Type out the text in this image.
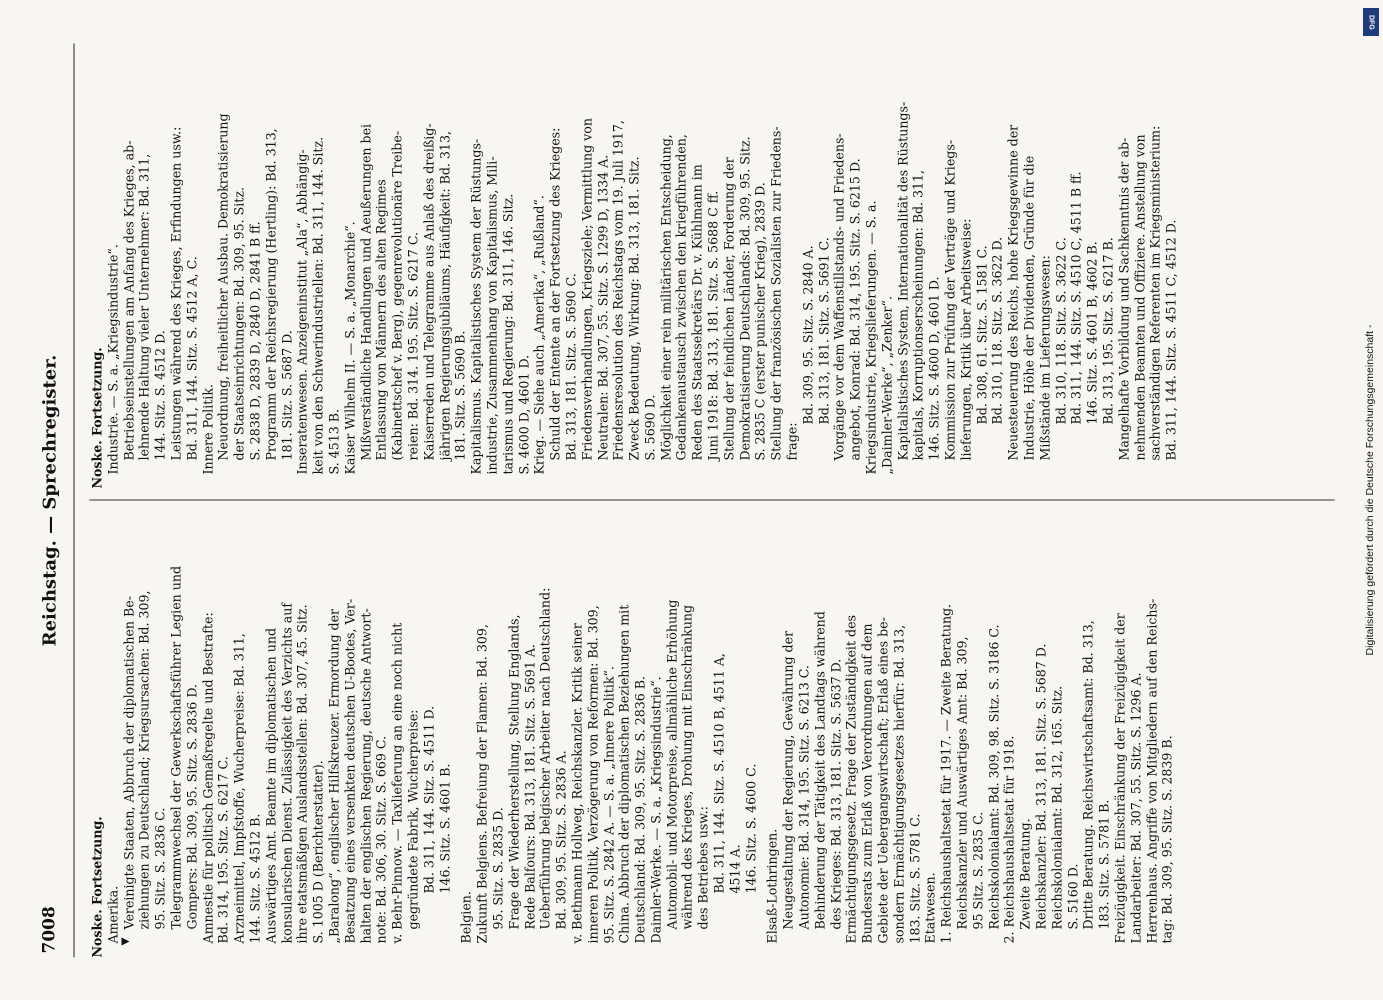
7008
Reichstag. — Sprechregister.
Noske. Fortsetzung. Amerika. Vereinigte Staaten, Abbruch der diplomatischen Be- ziehungen zu Deutschland; Kriegsursachen: Bd. 309, 95. Sitz. S. 2836 C. Telegrammwechsel der Gewerkschaftsführer Legien und Gompers: Bd. 309, 95. Sitz. S. 2836 D. Amnestie für politisch Gemaßregelte und Bestrafte: Bd. 314, 195. Sitz. S. 6217 C. Arzneimittel, Impfstoffe, Wucherpreise: Bd. 311, 144. Sitz. S. 4512 B. Auswärtiges Amt. Beamte im diplomatischen und konsularischen Dienst. Zulässigkeit des Verzichts auf ihre etatsmäßigen Auslandsstellen: Bd. 307, 45. Sitz. S. 1005 D (Berichterstatter). „Baralong“, englischer Hilfskreuzer. Ermordung der Besatzung eines versenkten deutschen U-Bootes, Ver- halten der englischen Regierung, deutsche Antwort- note: Bd. 306, 30. Sitz. S. 669 C. v. Behr-Pinnow. — Taxlieferung an eine noch nicht gegründete Fabrik, Wucherpreise: Bd. 311, 144. Sitz. S. 4511 D. 146. Sitz. S. 4601 B.
Belgien. Zukunft Belgiens. Befreiung der Flamen: Bd. 309, 95. Sitz. S. 2835 D. Frage der Wiederherstellung, Stellung Englands, Rede Balfours: Bd. 313, 181. Sitz. S. 5691 A. Ueberführung belgischer Arbeiter nach Deutschland: Bd. 309, 95. Sitz. S. 2836 A. v. Bethmann Hollweg, Reichskanzler. Kritik seiner inneren Politik, Verzögerung von Reformen: Bd. 309, 95. Sitz. S. 2842 A. — S. a. „Innere Politik“. China. Abbruch der diplomatischen Beziehungen mit Deutschland: Bd. 309, 95. Sitz. S. 2836 B. Daimler-Werke. — S. a. „Kriegsindustrie“. Automobil- und Motorpreise, allmähliche Erhöhung während des Krieges, Drohung mit Einschränkung des Betriebes usw.: Bd. 311, 144. Sitz. S. 4510 B, 4511 A, 4514 A. 146. Sitz. S. 4600 C. Elsaß-Lothringen. Neugestaltung der Regierung, Gewährung der Autonomie: Bd. 314, 195. Sitz. S. 6213 C. Behinderung der Tätigkeit des Landtags während des Krieges: Bd. 313, 181. Sitz. S. 5637 D. Ermächtigungsgesetz. Frage der Zuständigkeit des Bundesrats zum Erlaß von Verordnungen auf dem Gebiete der Uebergangswirtschaft; Erlaß eines be- sondern Ermächtigungsgesetzes hierfür: Bd. 313, 183. Sitz. S. 5781 C. Etatwesen. 1. Reichshaushaltsetat für 1917. — Zweite Beratung. Reichskanzler und Auswärtiges Amt: Bd. 309, 95 Sitz. S. 2835 C. Reichskolonialamt: Bd. 309, 98. Sitz. S. 3186 C. 2. Reichshaushaltsetat für 1918. Zweite Beratung. Reichskanzler: Bd. 313, 181. Sitz. S. 5687 D. Reichskolonialamt: Bd. 312, 165. Sitz. S. 5160 D. Dritte Beratung. Reichswirtschaftsamt: Bd. 313, 183. Sitz. S. 5781 B. Freizügigkeit. Einschränkung der Freizügigkeit der Landarbeiter: Bd. 307, 55. Sitz. S. 1296 A. Herrenhaus. Angriffe von Mitgliedern auf den Reichs- tag: Bd. 309, 95. Sitz. S. 2839 B.
Noske. Fortsetzung. Industrie. — S. a. „Kriegsindustrie“. Betriebseinstellungen am Anfang des Krieges, ab- lehnende Haltung vieler Unternehmer: Bd. 311, 144. Sitz. S. 4512 D. Leistungen während des Krieges, Erfindungen usw.: Bd. 311, 144. Sitz. S. 4512 A, C. Innere Politik. Neuordnung, freiheitlicher Ausbau. Demokratisierung der Staatseinrichtungen: Bd. 309, 95. Sitz. S. 2838 D, 2839 D, 2840 D, 2841 B ff. Programm der Reichsregierung (Hertling): Bd. 313, 181. Sitz. S. 5687 D. Inseratenwesen. Anzeigeninstitut „Ala“, Abhängig- keit von den Schwerindustriellen: Bd. 311, 144. Sitz. S. 4513 B. Kaiser Wilhelm II. — S. a. „Monarchie“. Mißverständliche Handlungen und Aeußerungen bei Entlassung von Männern des alten Regimes (Kabinettschef v. Berg), gegenrevolutionäre Treibe- reien: Bd. 314. 195. Sitz. S. 6217 C. Kaiserreden und Telegramme aus Anlaß des dreißig- jährigen Regierungsjubiläums, Häufigkeit: Bd. 313, 181. Sitz. S. 5690 B. Kapitalismus. Kapitalistisches System der Rüstungs- industrie, Zusammenhang von Kapitalismus, Mili- tarismus und Regierung: Bd. 311, 146. Sitz. S. 4600 D, 4601 D. Krieg. — Siehe auch „Amerika“, „Rußland“. Schuld der Entente an der Fortsetzung des Krieges: Bd. 313, 181. Sitz. S. 5690 C. Friedensverhandlungen, Kriegsziele; Vermittlung von Neutralen: Bd. 307, 55. Sitz. S. 1299 D, 1334 A. Friedensresolution des Reichstags vom 19. Juli 1917, Zweck Bedeutung, Wirkung: Bd. 313, 181. Sitz. S. 5690 D. Möglichkeit einer rein militärischen Entscheidung, Gedankenaustausch zwischen den kriegführenden, Reden des Staatssekretärs Dr. v. Kühlmann im Juni 1918: Bd. 313, 181. Sitz. S. 5688 C ff. Stellung der feindlichen Länder, Forderung der Demokratisierung Deutschlands: Bd. 309, 95. Sitz. S. 2835 C (erster punischer Krieg), 2839 D. Stellung der französischen Sozialisten zur Friedens- frage:
Bd. 309, 95. Sitz. S. 2840 A. Bd. 313, 181. Sitz. S. 5691 C. Vorgänge vor dem Waffenstillstands- und Friedens- angebot, Konrad: Bd. 314, 195. Sitz. S. 6215 D. Kriegsindustrie, Kriegslieferungen. — S. a. „Daimler-Werke“, „Zenker“. Kapitalistisches System, Internationalität des Rüstungs- kapitals, Korruptionserscheinungen: Bd. 311, 146. Sitz. S. 4600 D, 4601 D. Kommission zur Prüfung der Verträge und Kriegs- lieferungen, Kritik über Arbeitsweise: Bd. 308, 61. Sitz. S. 1581 C. Bd. 310, 118. Sitz. S. 3622 D. Neuesteuerung des Reichs, hohe Kriegsgewinne der Industrie, Höhe der Dividenden, Gründe für die Mißstände im Lieferungswesen: Bd. 310, 118. Sitz. S. 3622 C. Bd. 311, 144. Sitz. S. 4510 C, 4511 B ff. 146. Sitz. S. 4601 B, 4602 B. Bd. 313, 195. Sitz. S. 6217 B. Mangelhafte Vorbildung und Sachkenntnis der ab- nehmenden Beamten und Offiziere. Anstellung von sachverständigen Referenten im Kriegsministerium: Bd. 311, 144. Sitz. S. 4511 C, 4512 D.	Digitalisierung gefördert durch die Deutsche Forschungsgemeinschaft -
DFG
